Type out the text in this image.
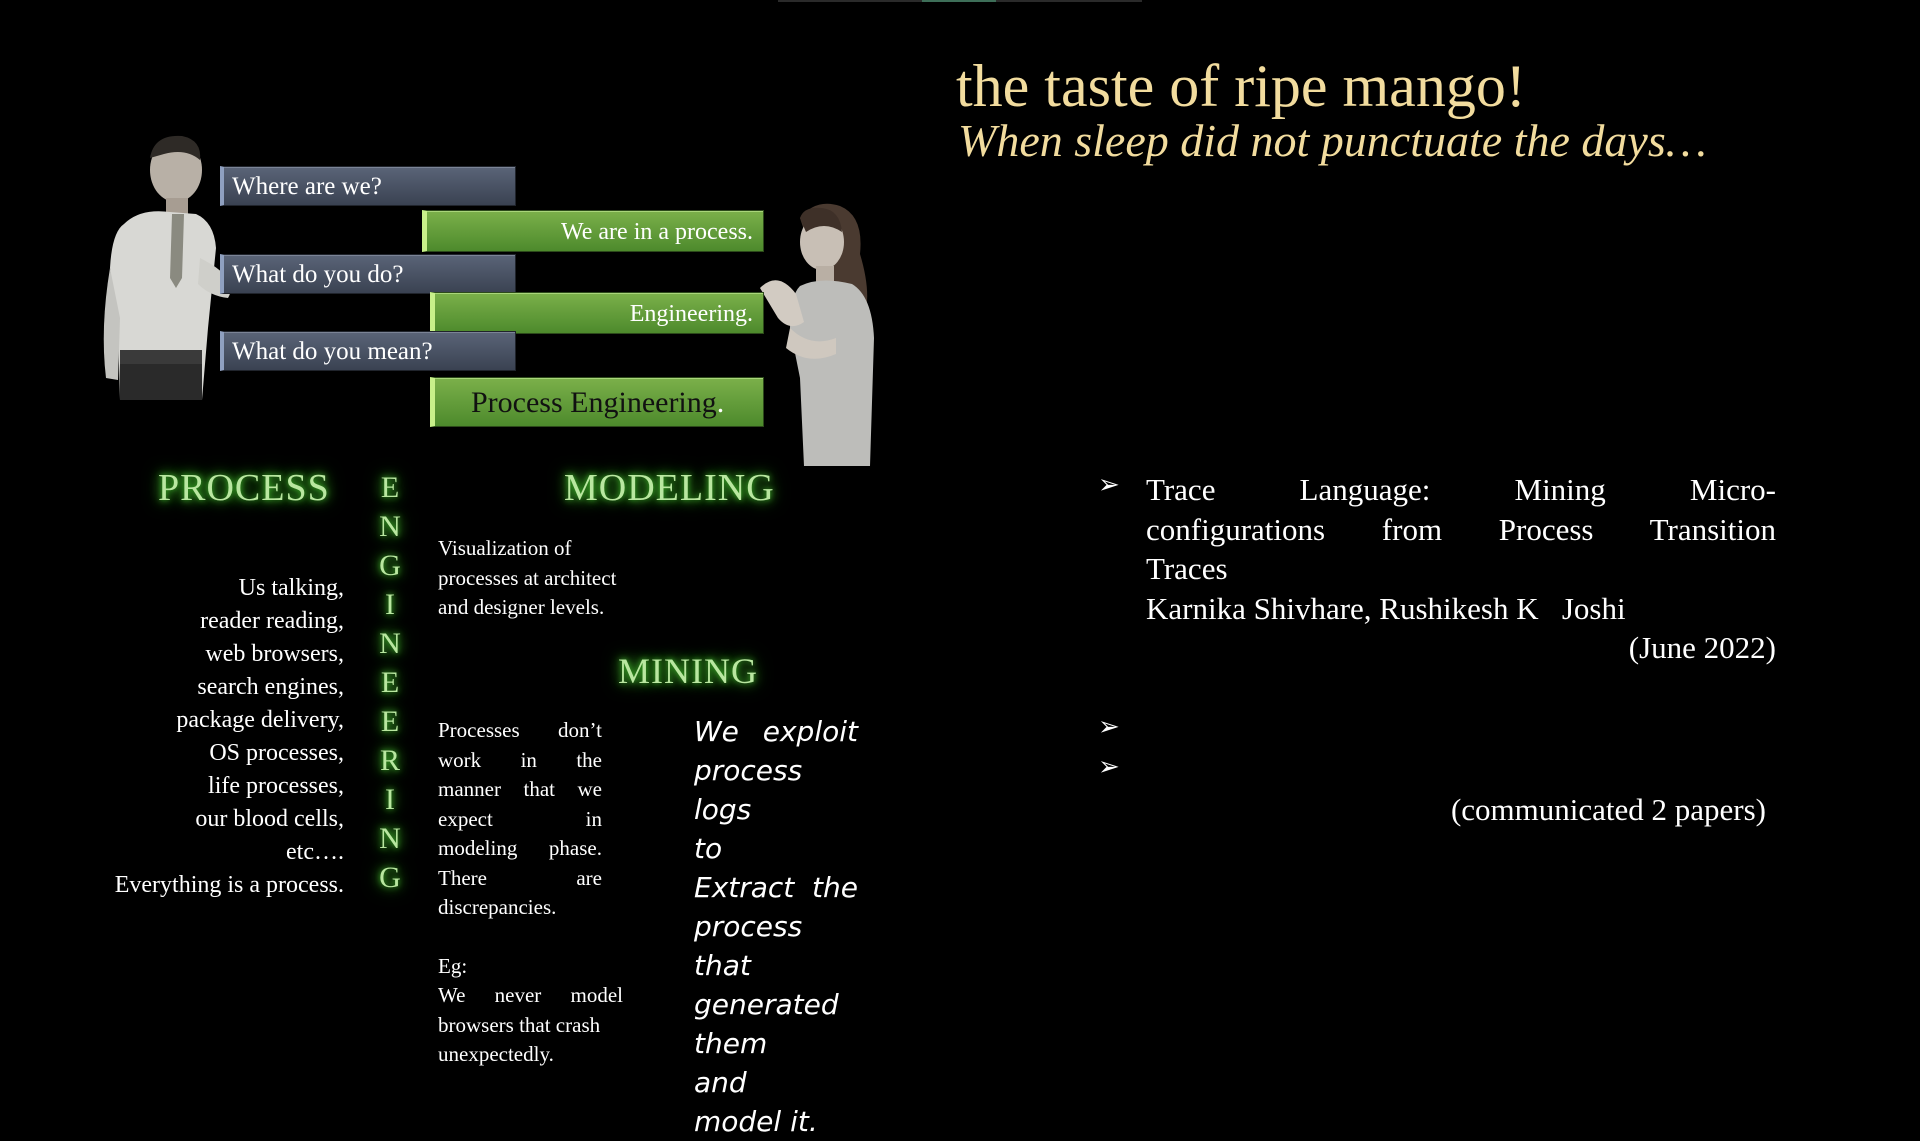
Where are we?
We are in a process.
What do you do?
Engineering.
What do you mean?
Process Engineering.
PROCESS	MODELING
MINING
E
N
G
I
N
E
E
R
I
N
G
Us talking,
reader reading,
web browsers,
search engines,
package delivery,
OS processes,
life processes,
our blood cells,
etc….
Everything is a process.
Visualization of
processes at architect
and designer levels.
Processes don’t
work in the
manner that we
expect in
modeling phase.
There are
discrepancies.
Eg:
We never model
browsers that crash
unexpectedly.
We exploit
process logs
to
Extract the
process that
generated
them
and
model it.
the taste of ripe mango!
When sleep did not punctuate the days…
➢ Trace Language: Mining Micro-
configurations from Process Transition
Traces
Karnika Shivhare, Rushikesh K   Joshi
(June 2022)
➢
➢
(communicated 2 papers)
